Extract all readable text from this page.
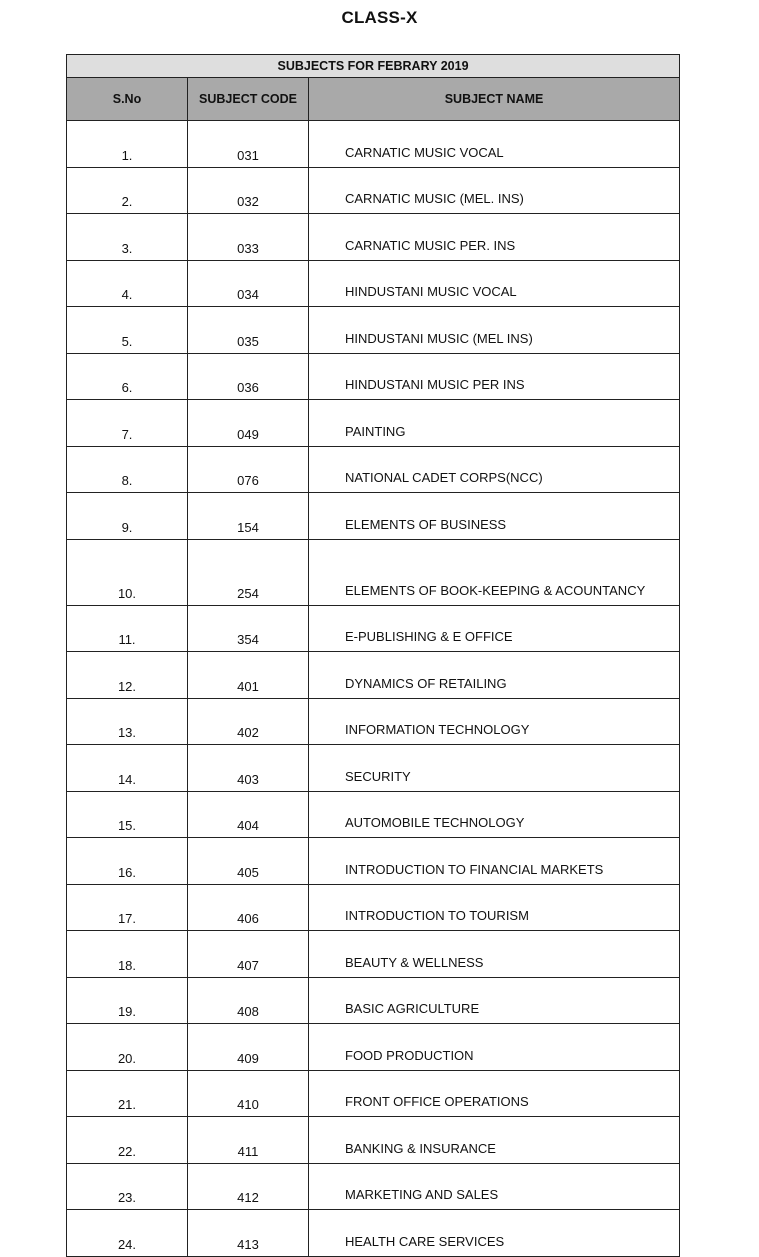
CLASS-X
SUBJECTS FOR FEBRARY 2019		
S.No	SUBJECT CODE	SUBJECT NAME
1.	031	CARNATIC MUSIC VOCAL
2.	032	CARNATIC MUSIC (MEL. INS)
3.	033	CARNATIC MUSIC PER. INS
4.	034	HINDUSTANI MUSIC VOCAL
5.	035	HINDUSTANI MUSIC (MEL INS)
6.	036	HINDUSTANI MUSIC PER INS
7.	049	PAINTING
8.	076	NATIONAL CADET CORPS(NCC)
9.	154	ELEMENTS OF BUSINESS
10.	254	ELEMENTS OF BOOK-KEEPING & ACOUNTANCY
11.	354	E-PUBLISHING & E OFFICE
12.	401	DYNAMICS OF RETAILING
13.	402	INFORMATION TECHNOLOGY
14.	403	SECURITY
15.	404	AUTOMOBILE TECHNOLOGY
16.	405	INTRODUCTION TO FINANCIAL MARKETS
17.	406	INTRODUCTION TO TOURISM
18.	407	BEAUTY & WELLNESS
19.	408	BASIC AGRICULTURE
20.	409	FOOD PRODUCTION
21.	410	FRONT OFFICE OPERATIONS
22.	411	BANKING & INSURANCE
23.	412	MARKETING AND SALES
24.	413	HEALTH CARE SERVICES
